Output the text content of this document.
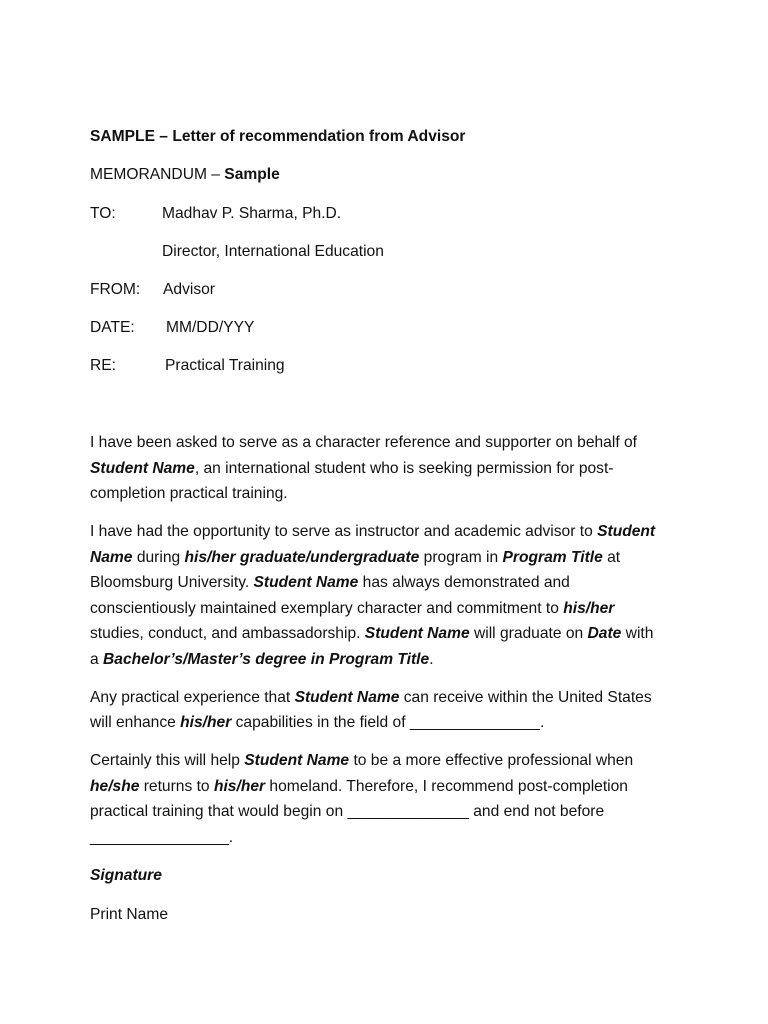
SAMPLE – Letter of recommendation from Advisor
MEMORANDUM – Sample
TO:	Madhav P. Sharma, Ph.D.
Director, International Education
FROM: Advisor
DATE: MM/DD/YYY
RE:	Practical Training
I have been asked to serve as a character reference and supporter on behalf of
Student Name, an international student who is seeking permission for post-
completion practical training.
I have had the opportunity to serve as instructor and academic advisor to Student
Name during his/her graduate/undergraduate program in Program Title at
Bloomsburg University. Student Name has always demonstrated and
conscientiously maintained exemplary character and commitment to his/her
studies, conduct, and ambassadorship. Student Name will graduate on Date with
a Bachelor’s/Master’s degree in Program Title.
Any practical experience that Student Name can receive within the United States
will enhance his/her capabilities in the field of _______________.
Certainly this will help Student Name to be a more effective professional when
he/she returns to his/her homeland. Therefore, I recommend post-completion
practical training that would begin on ______________ and end not before
________________.
Signature
Print Name
